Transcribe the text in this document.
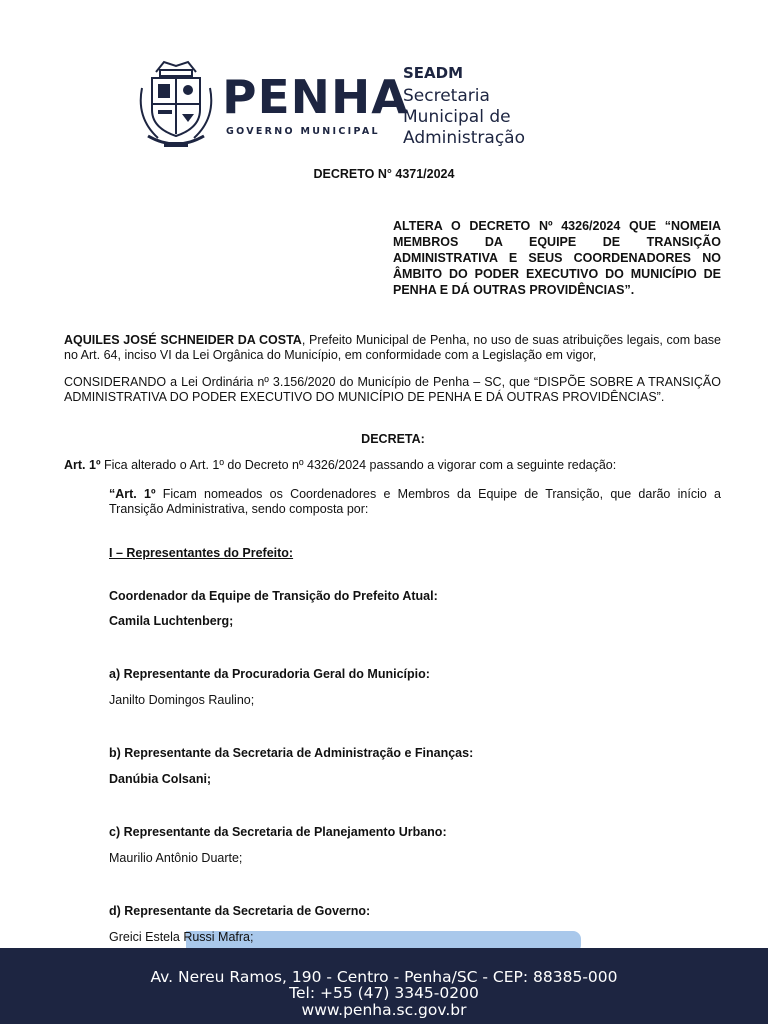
PENHA
GOVERNO MUNICIPAL
SEADM
Secretaria
Municipal de
Administração
DECRETO N° 4371/2024
ALTERA O DECRETO Nº 4326/2024 QUE “NOMEIA MEMBROS DA EQUIPE DE TRANSIÇÃO ADMINISTRATIVA E SEUS COORDENADORES NO ÂMBITO DO PODER EXECUTIVO DO MUNICÍPIO DE PENHA E DÁ OUTRAS PROVIDÊNCIAS”.
AQUILES JOSÉ SCHNEIDER DA COSTA, Prefeito Municipal de Penha, no uso de suas atribuições legais, com base no Art. 64, inciso VI da Lei Orgânica do Município, em conformidade com a Legislação em vigor,
CONSIDERANDO a Lei Ordinária nº 3.156/2020 do Município de Penha – SC, que “DISPÕE SOBRE A TRANSIÇÃO ADMINISTRATIVA DO PODER EXECUTIVO DO MUNICÍPIO DE PENHA E DÁ OUTRAS PROVIDÊNCIAS”.
DECRETA:
Art. 1º Fica alterado o Art. 1º do Decreto nº 4326/2024 passando a vigorar com a seguinte redação:
“Art. 1º Ficam nomeados os Coordenadores e Membros da Equipe de Transição, que darão início a Transição Administrativa, sendo composta por:
I – Representantes do Prefeito:
Coordenador da Equipe de Transição do Prefeito Atual:
Camila Luchtenberg;
a) Representante da Procuradoria Geral do Município:
Janilto Domingos Raulino;
b) Representante da Secretaria de Administração e Finanças:
Danúbia Colsani;
c) Representante da Secretaria de Planejamento Urbano:
Maurilio Antônio Duarte;
d) Representante da Secretaria de Governo:
Greici Estela Russi Mafra;
Av. Nereu Ramos, 190 - Centro - Penha/SC - CEP: 88385-000
Tel: +55 (47) 3345-0200
www.penha.sc.gov.br
